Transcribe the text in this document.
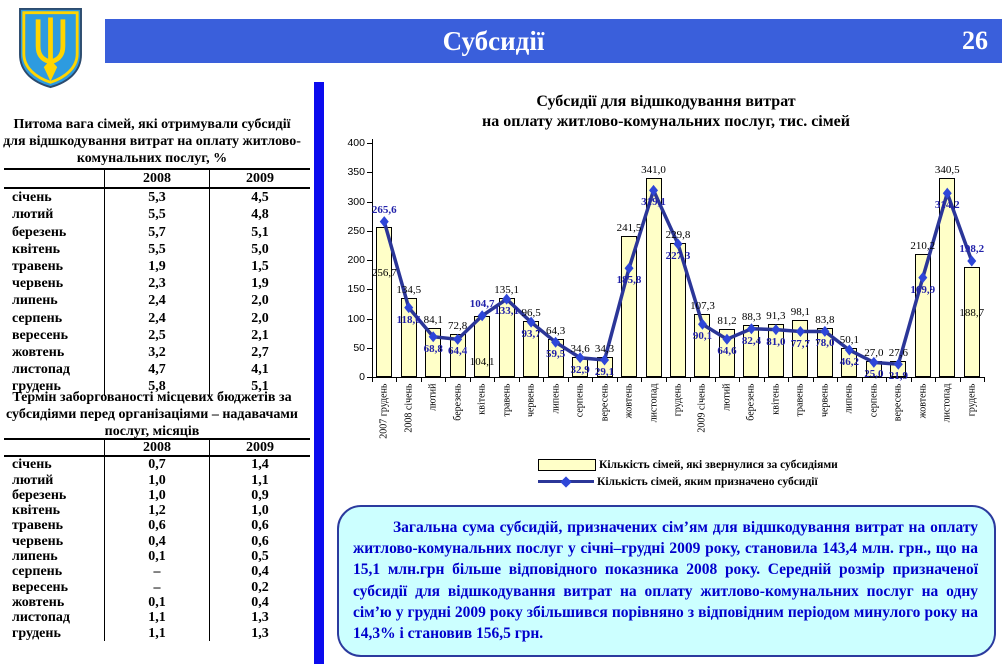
Субсидії	26
Питома вага сімей, які отримували субсидії для відшкодування витрат на оплату житлово-комунальних послуг, %
	2008	2009
січень	5,3	4,5
лютий	5,5	4,8
березень	5,7	5,1
квітень	5,5	5,0
травень	1,9	1,5
червень	2,3	1,9
липень	2,4	2,0
серпень	2,4	2,0
вересень	2,5	2,1
жовтень	3,2	2,7
листопад	4,7	4,1
грудень	5,8	5,1
Термін заборгованості місцевих бюджетів за субсидіями перед організаціями – надавачами послуг, місяців
	2008	2009
січень	0,7	1,4
лютий	1,0	1,1
березень	1,0	0,9
квітень	1,2	1,0
травень	0,6	0,6
червень	0,4	0,6
липень	0,1	0,5
серпень	–	0,4
вересень	–	0,2
жовтень	0,1	0,4
листопад	1,1	1,3
грудень	1,1	1,3
Субсидії для відшкодування витрат
на оплату житлово-комунальних послуг, тис. сімей
0
50
100
150
200
250
300
350
400
2007 грудень 2008 січень лютий березень квітень травень червень липень серпень вересень жовтень листопад грудень 2009 січень лютий березень квітень травень червень липень серпень вересень жовтень листопад грудень
256,7
265,6
134,5
118,6 84,1
68,8
72,8
64,4
104,1
104,7
135,1
133,1 96,5
93,7 64,3
59,5 34,6
32,9
34,3
29,1
241,5
185,8
341,0
319,1
229,8
227,3
107,3
90,1
81,2
64,6
88,3
82,4
91,3
81,0
98,1
77,7
83,8
78,0 50,1
46,2
27,0
25,0
27,6
21,9
210,2
169,9
340,5
314,2
188,7
198,2
Кількість сімей, які звернулися за субсидіями
Кількість сімей, яким призначено субсидії

Загальна сума субсидій, призначених сім’ям для відшкодування витрат на оплату житлово-комунальних послуг у січні–грудні 2009 року, становила 143,4 млн. грн., що на 15,1 млн.грн більше відповідного показника 2008 року. Середній розмір призначеної субсидії для відшкодування витрат на оплату житлово-комунальних послуг на одну сім’ю у грудні 2009 року збільшився порівняно з відповідним періодом минулого року на 14,3% і становив 156,5 грн.
